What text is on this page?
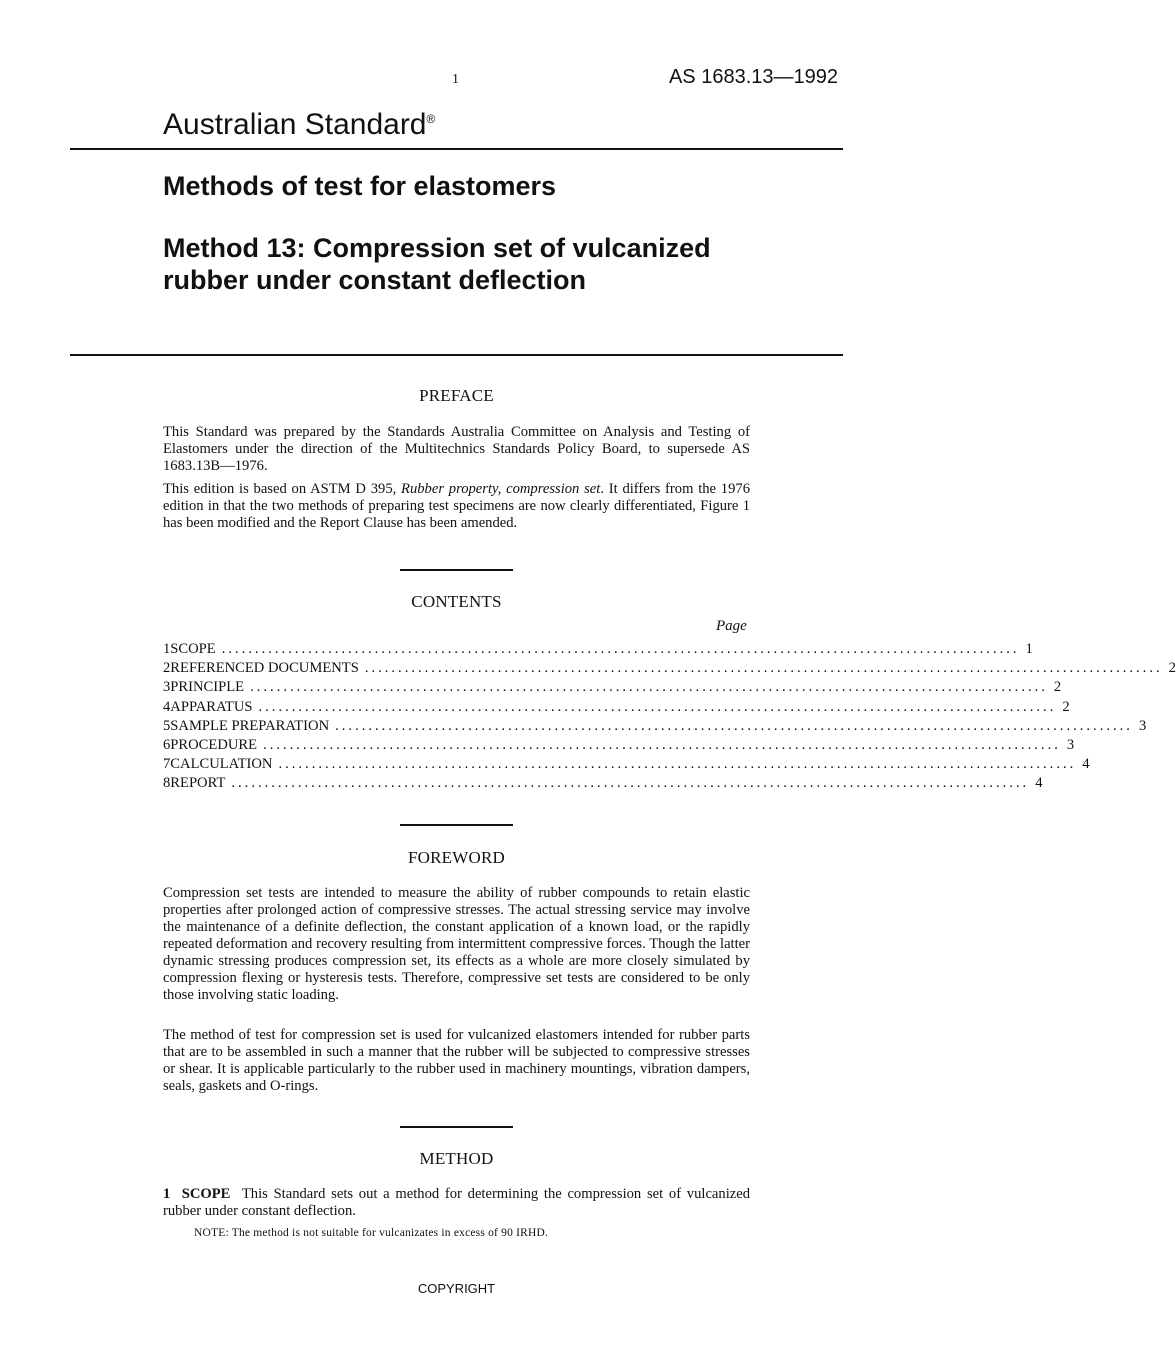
1	AS 1683.13—1992
Australian Standard®
Methods of test for elastomers
Method 13: Compression set of vulcanized rubber under constant deflection
PREFACE

This Standard was prepared by the Standards Australia Committee on Analysis and Testing of Elastomers under the direction of the Multitechnics Standards Policy Board, to supersede AS 1683.13B—1976.

This edition is based on ASTM D 395, Rubber property, compression set. It differs from the 1976 edition in that the two methods of preparing test specimens are now clearly differentiated, Figure 1 has been modified and the Report Clause has been amended.

CONTENTS
Page
1 SCOPE ........................................................................................................................ 1
2 REFERENCED DOCUMENTS ........................................................................................................................ 2
3 PRINCIPLE ........................................................................................................................ 2
4 APPARATUS ........................................................................................................................ 2
5 SAMPLE PREPARATION ........................................................................................................................ 3
6 PROCEDURE ........................................................................................................................ 3
7 CALCULATION ........................................................................................................................ 4
8 REPORT ........................................................................................................................ 4
FOREWORD

Compression set tests are intended to measure the ability of rubber compounds to retain elastic properties after prolonged action of compressive stresses. The actual stressing service may involve the maintenance of a definite deflection, the constant application of a known load, or the rapidly repeated deformation and recovery resulting from intermittent compressive forces. Though the latter dynamic stressing produces compression set, its effects as a whole are more closely simulated by compression flexing or hysteresis tests. Therefore, compressive set tests are considered to be only those involving static loading.

The method of test for compression set is used for vulcanized elastomers intended for rubber parts that are to be assembled in such a manner that the rubber will be subjected to compressive stresses or shear. It is applicable particularly to the rubber used in machinery mountings, vibration dampers, seals, gaskets and O-rings.

METHOD

1  SCOPE This Standard sets out a method for determining the compression set of vulcanized rubber under constant deflection.

NOTE: The method is not suitable for vulcanizates in excess of 90 IRHD.
COPYRIGHT
